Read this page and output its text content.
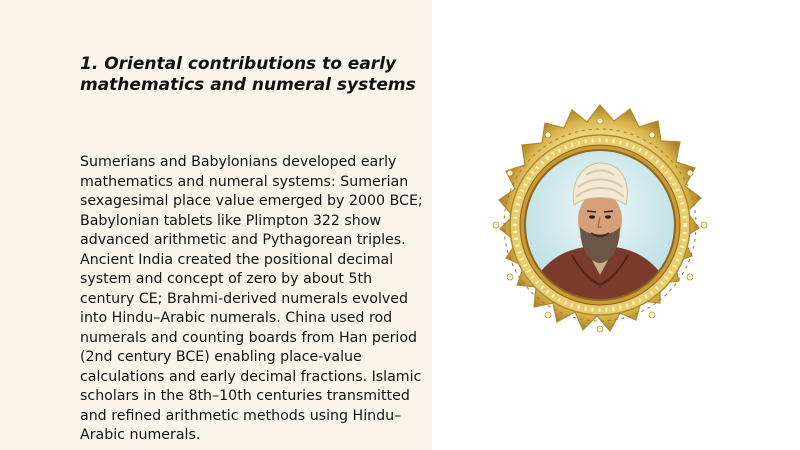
1. Oriental contributions to early mathematics and numeral systems

Sumerians and Babylonians developed early mathematics and numeral systems: Sumerian sexagesimal place value emerged by 2000 BCE; Babylonian tablets like Plimpton 322 show advanced arithmetic and Pythagorean triples. Ancient India created the positional decimal system and concept of zero by about 5th century CE; Brahmi-derived numerals evolved into Hindu–Arabic numerals. China used rod numerals and counting boards from Han period (2nd century BCE) enabling place-value calculations and early decimal fractions. Islamic scholars in the 8th–10th centuries transmitted and refined arithmetic methods using Hindu–Arabic numerals.
